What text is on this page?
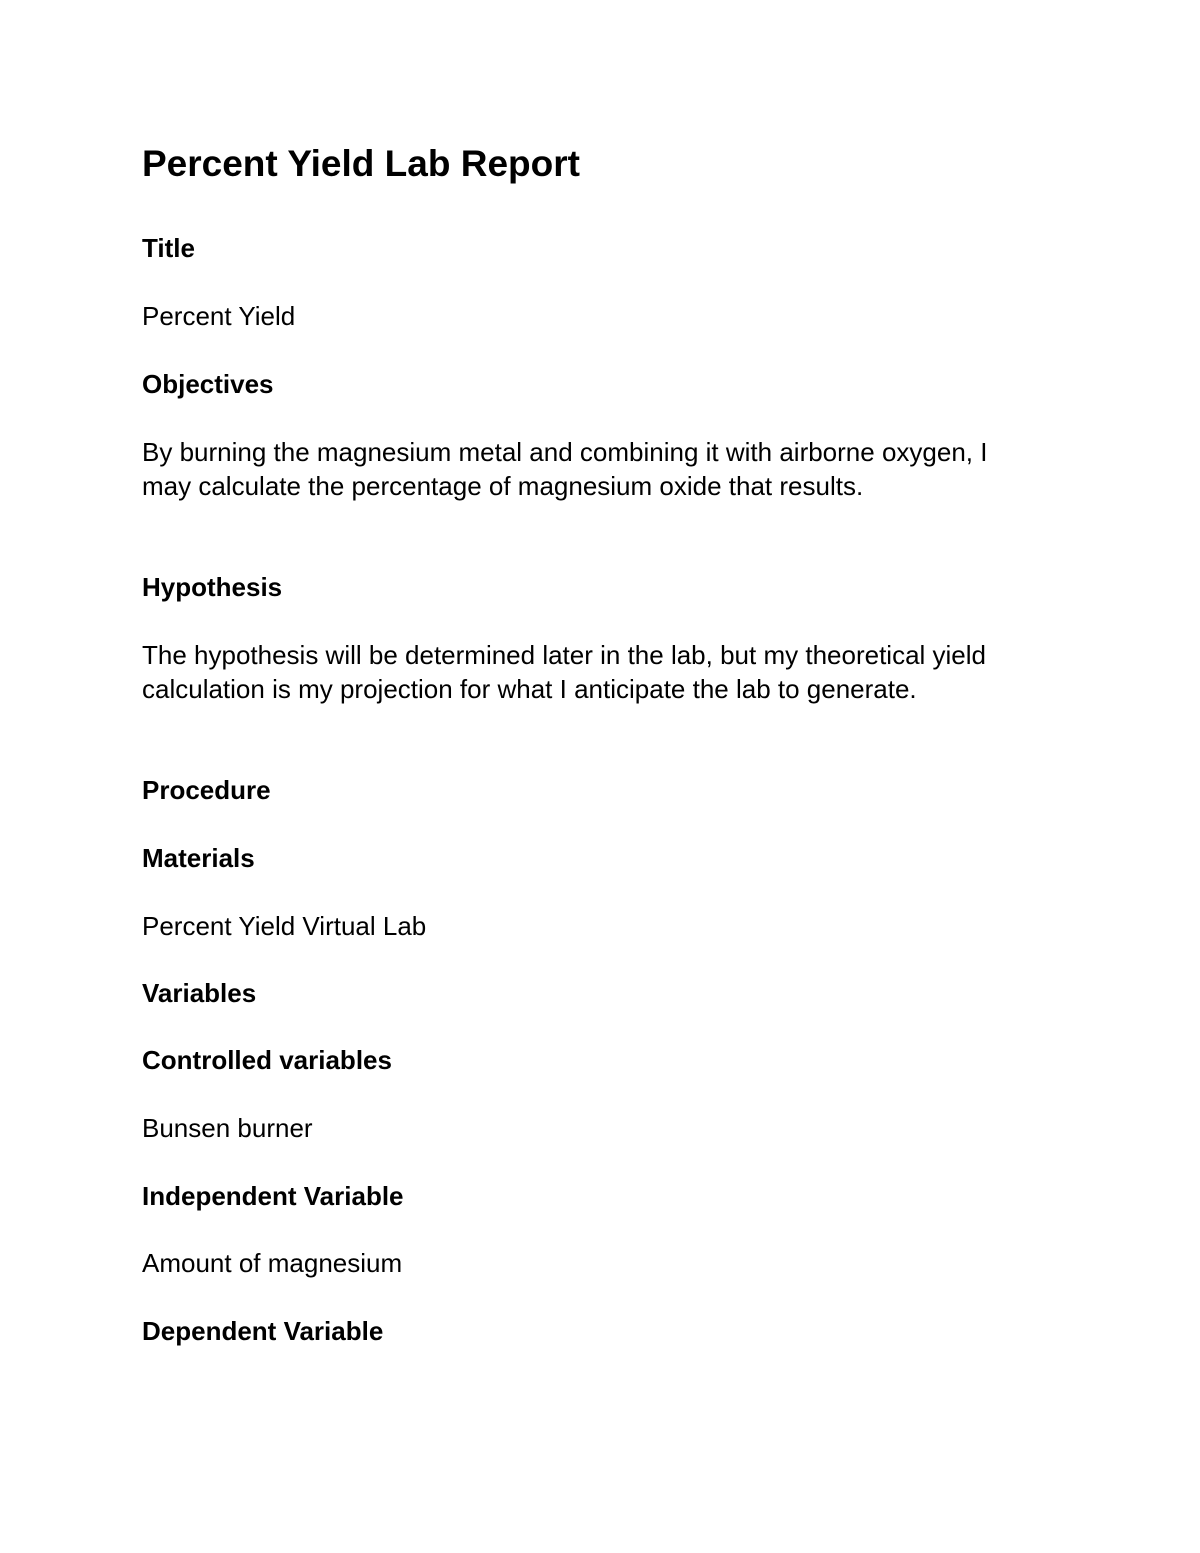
Percent Yield Lab Report
Title

Percent Yield

Objectives

By burning the magnesium metal and combining it with airborne oxygen, I may calculate the percentage of magnesium oxide that results.

Hypothesis

The hypothesis will be determined later in the lab, but my theoretical yield calculation is my projection for what I anticipate the lab to generate.

Procedure
Materials

Percent Yield Virtual Lab

Variables
Controlled variables

Bunsen burner

Independent Variable

Amount of magnesium

Dependent Variable
